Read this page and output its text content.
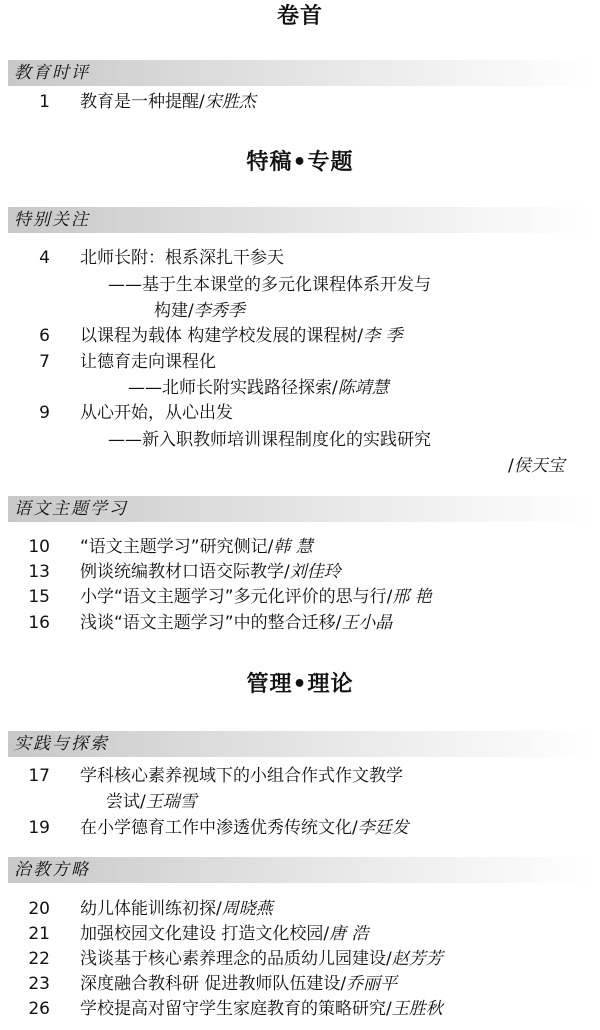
卷首
特稿•专题
管理•理论
教育时评
特别关注
语文主题学习
实践与探索
治教方略
1 教育是一种提醒/宋胜杰
4 北师长附：根系深扎干参天
——基于生本课堂的多元化课程体系开发与
构建/李秀季
6 以课程为载体 构建学校发展的课程树/李 季
7 让德育走向课程化
——北师长附实践路径探索/陈靖慧
9 从心开始，从心出发
——新入职教师培训课程制度化的实践研究
/侯天宝
10 “语文主题学习”研究侧记/韩 慧
13 例谈统编教材口语交际教学/刘佳玲
15 小学“语文主题学习”多元化评价的思与行/邢 艳
16 浅谈“语文主题学习”中的整合迁移/王小晶
17 学科核心素养视域下的小组合作式作文教学
尝试/王瑞雪
19 在小学德育工作中渗透优秀传统文化/李廷发
20 幼儿体能训练初探/周晓燕
21 加强校园文化建设 打造文化校园/唐 浩
22 浅谈基于核心素养理念的品质幼儿园建设/赵芳芳
23 深度融合教科研 促进教师队伍建设/乔丽平
26 学校提高对留守学生家庭教育的策略研究/王胜秋
